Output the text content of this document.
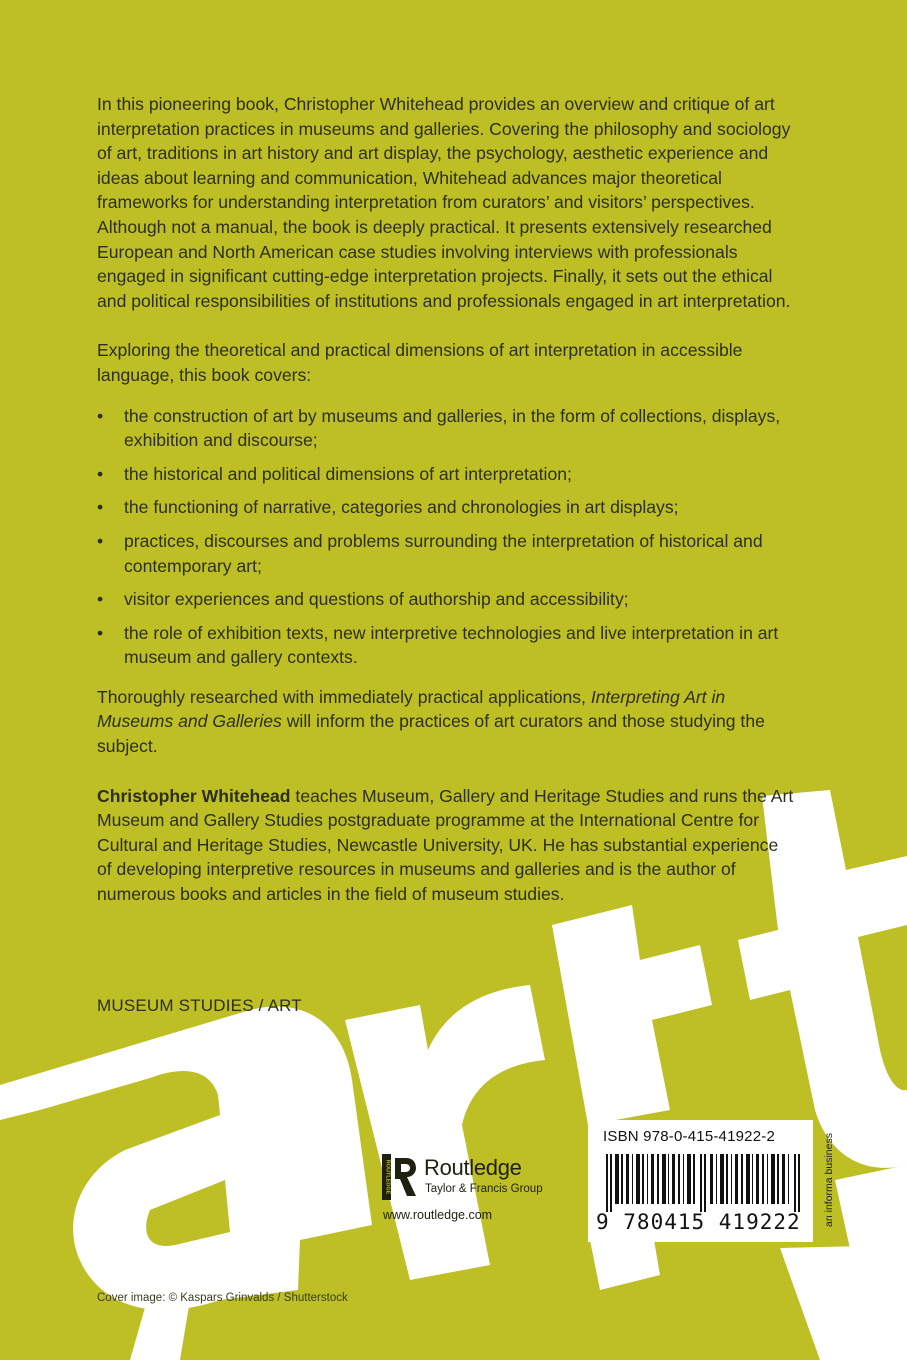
In this pioneering book, Christopher Whitehead provides an overview and critique of art interpretation practices in museums and galleries. Covering the philosophy and sociology of art, traditions in art history and art display, the psychology, aesthetic experience and ideas about learning and communication, Whitehead advances major theoretical frameworks for understanding interpretation from curators’ and visitors’ perspectives. Although not a manual, the book is deeply practical. It presents extensively researched European and North American case studies involving interviews with professionals engaged in significant cutting-edge interpretation projects. Finally, it sets out the ethical and political responsibilities of institutions and professionals engaged in art interpretation.

Exploring the theoretical and practical dimensions of art interpretation in accessible language, this book covers:

• the construction of art by museums and galleries, in the form of collections, displays, exhibition and discourse;
• the historical and political dimensions of art interpretation;
• the functioning of narrative, categories and chronologies in art displays;
• practices, discourses and problems surrounding the interpretation of historical and contemporary art;
• visitor experiences and questions of authorship and accessibility;
• the role of exhibition texts, new interpretive technologies and live interpretation in art museum and gallery contexts.

Thoroughly researched with immediately practical applications, Interpreting Art in Museums and Galleries will inform the practices of art curators and those studying the subject.

Christopher Whitehead teaches Museum, Gallery and Heritage Studies and runs the Art Museum and Gallery Studies postgraduate programme at the International Centre for Cultural and Heritage Studies, Newcastle University, UK. He has substantial experience of developing interpretive resources in museums and galleries and is the author of numerous books and articles in the field of museum studies.

MUSEUM STUDIES / ART
ROUTLEDGE Routledge
Taylor & Francis Group
www.routledge.com
ISBN 978-0-415-41922-2
9 780415 419222 an informa business
Cover image: © Kaspars Grinvalds / Shutterstock
